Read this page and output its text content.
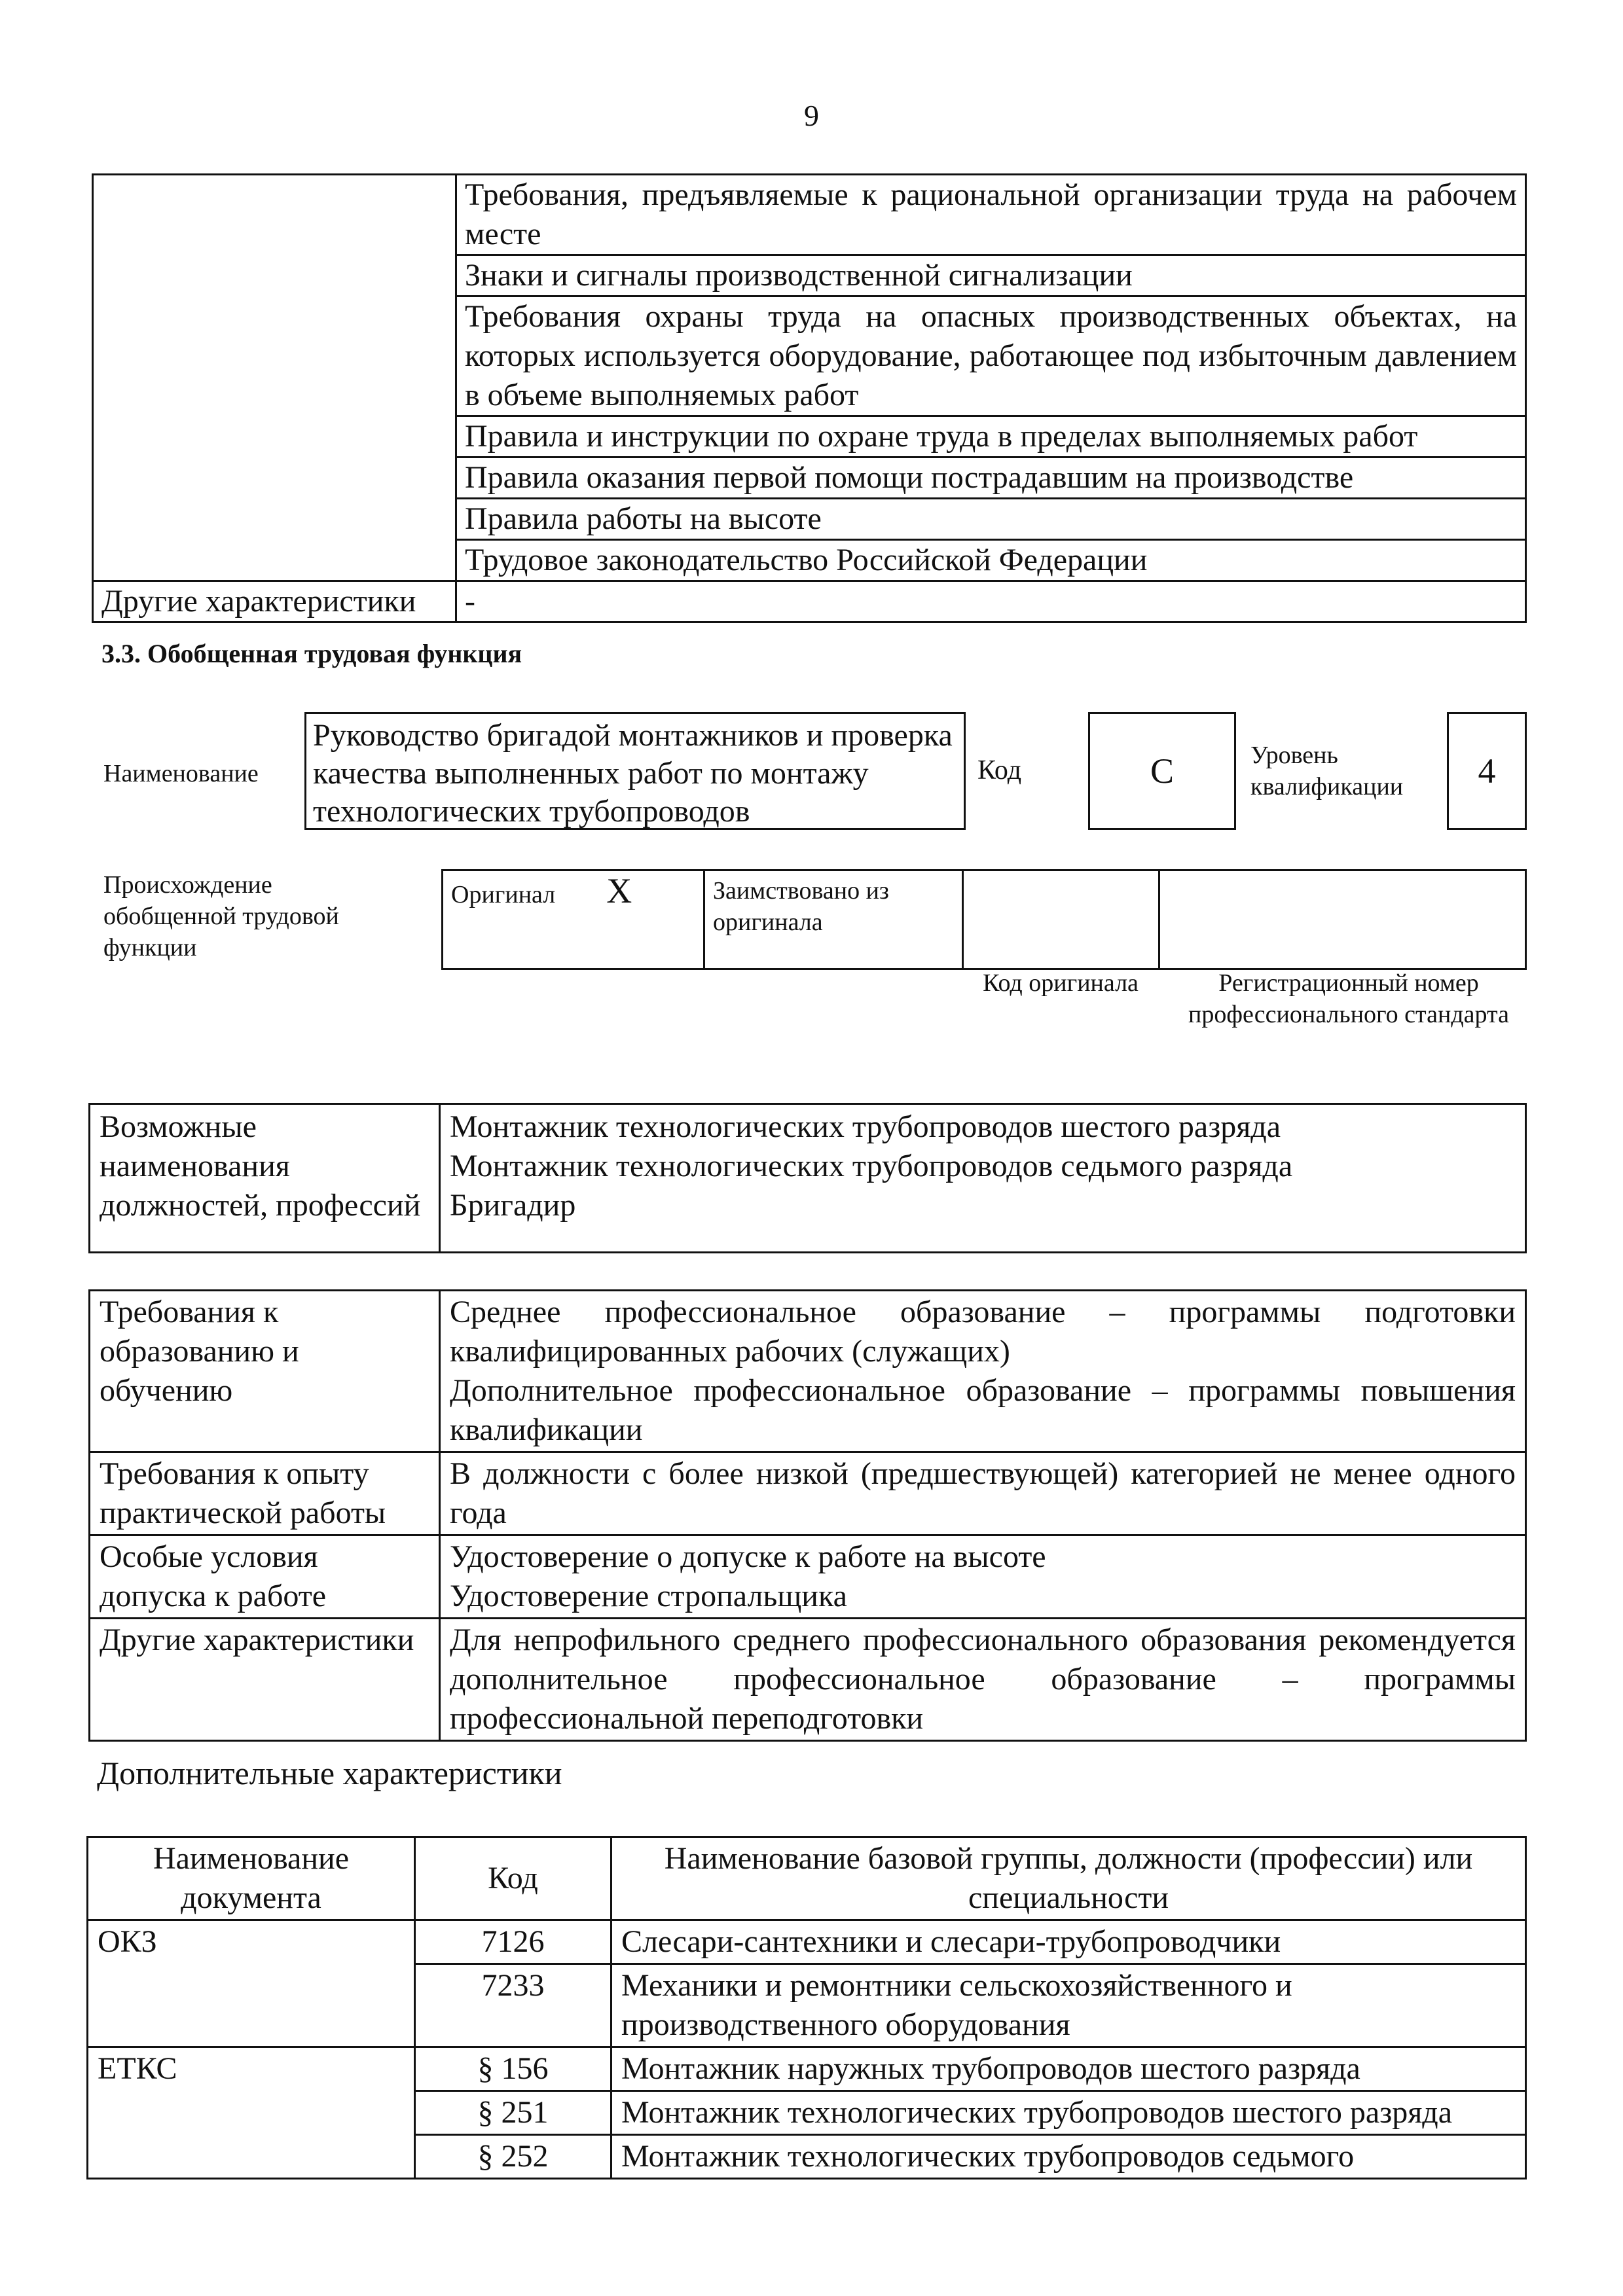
9
	Требования, предъявляемые к рациональной организации труда на рабочем месте
	Знаки и сигналы производственной сигнализации
	Требования охраны труда на опасных производственных объектах, на которых используется оборудование, работающее под избыточным давлением в объеме выполняемых работ
	Правила и инструкции по охране труда в пределах выполняемых работ
	Правила оказания первой помощи пострадавшим на производстве
	Правила работы на высоте
	Трудовое законодательство Российской Федерации
Другие характеристики	-
3.3. Обобщенная трудовая функция
Наименование
Руководство бригадой монтажников и проверка качества выполненных работ по монтажу технологических трубопроводов
Код	C	Уровень квалификации	4
Происхождение обобщенной трудовой функции
Оригинал X	Заимствовано из оригинала		
Код оригинала	Регистрационный номер профессионального стандарта
Возможные наименования должностей, профессий	
Монтажник технологических трубопроводов шестого разряда
Монтажник технологических трубопроводов седьмого разряда
Бригадир
Требования к образованию и обучению	Среднее профессиональное образование – программы подготовки квалифицированных рабочих (служащих)
Дополнительное профессиональное образование – программы повышения квалификации

Требования к опыту практической работы	В должности с более низкой (предшествующей) категорией не менее одного года
Особые условия допуска к работе	Удостоверение о допуске к работе на высоте
Удостоверение стропальщика

Другие характеристики	Для непрофильного среднего профессионального образования рекомендуется дополнительное профессиональное образование – программы профессиональной переподготовки
Дополнительные характеристики
Наименование документа	Код	Наименование базовой группы, должности (профессии) или специальности
ОКЗ	7126	Слесари-сантехники и слесари-трубопроводчики
	7233	Механики и ремонтники сельскохозяйственного и производственного оборудования
ЕТКС	§ 156	Монтажник наружных трубопроводов шестого разряда
	§ 251	Монтажник технологических трубопроводов шестого разряда
	§ 252	Монтажник технологических трубопроводов седьмого
